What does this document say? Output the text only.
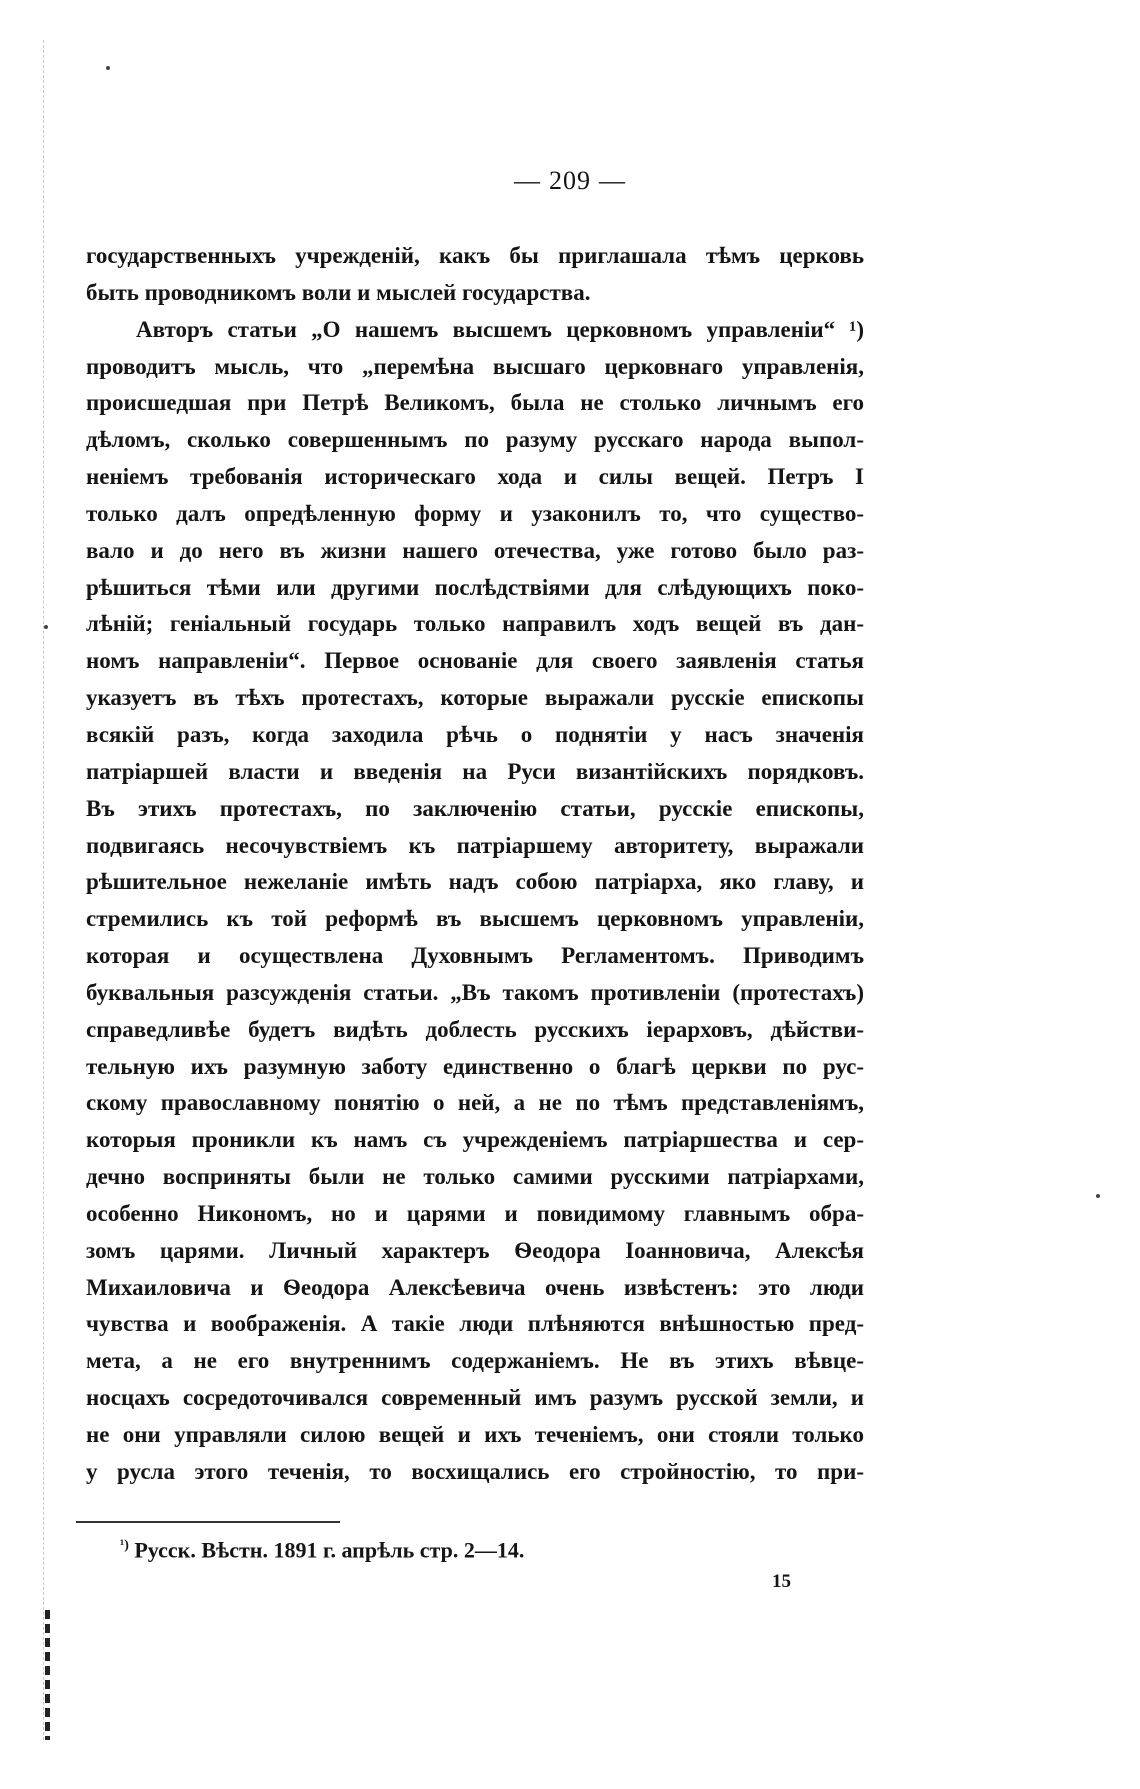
— 209 —
государственныхъ учрежденій, какъ бы приглашала тѣмъ церковь
быть проводникомъ воли и мыслей государства.
Авторъ статьи „О нашемъ высшемъ церковномъ управленіи“ ¹)
проводитъ мысль, что „перемѣна высшаго церковнаго управленія,
происшедшая при Петрѣ Великомъ, была не столько личнымъ его
дѣломъ, сколько совершеннымъ по разуму русскаго народа выпол-
неніемъ требованія историческаго хода и силы вещей. Петръ I
только далъ опредѣленную форму и узаконилъ то, что существо-
вало и до него въ жизни нашего отечества, уже готово было раз-
рѣшиться тѣми или другими послѣдствіями для слѣдующихъ поко-
лѣній; геніальный государь только направилъ ходъ вещей въ дан-
номъ направленіи“. Первое основаніе для своего заявленія статья
указуетъ въ тѣхъ протестахъ, которые выражали русскіе епископы
всякій разъ, когда заходила рѣчь о поднятіи у насъ значенія
патріаршей власти и введенія на Руси византійскихъ порядковъ.
Въ этихъ протестахъ, по заключенію статьи, русскіе епископы,
подвигаясь несочувствіемъ къ патріаршему авторитету, выражали
рѣшительное нежеланіе имѣть надъ собою патріарха, яко главу, и
стремились къ той реформѣ въ высшемъ церковномъ управленіи,
которая и осуществлена Духовнымъ Регламентомъ. Приводимъ
буквальныя разсужденія статьи. „Въ такомъ противленіи (протестахъ)
справедливѣе будетъ видѣть доблесть русскихъ іерарховъ, дѣйстви-
тельную ихъ разумную заботу единственно о благѣ церкви по рус-
скому православному понятію о ней, а не по тѣмъ представленіямъ,
которыя проникли къ намъ съ учрежденіемъ патріаршества и сер-
дечно восприняты были не только самими русскими патріархами,
особенно Никономъ, но и царями и повидимому главнымъ обра-
зомъ царями. Личный характеръ Ѳеодора Іоанновича, Алексѣя
Михаиловича и Ѳеодора Алексѣевича очень извѣстенъ: это люди
чувства и воображенія. А такіе люди плѣняются внѣшностью пред-
мета, а не его внутреннимъ содержаніемъ. Не въ этихъ вѣвце-
носцахъ сосредоточивался современный имъ разумъ русской земли, и
не они управляли силою вещей и ихъ теченіемъ, они стояли только
у русла этого теченія, то восхищались его стройностію, то при-
$^{^1)}$ Русск. Вѣстн. 1891 г. апрѣль стр. 2—14.
15
